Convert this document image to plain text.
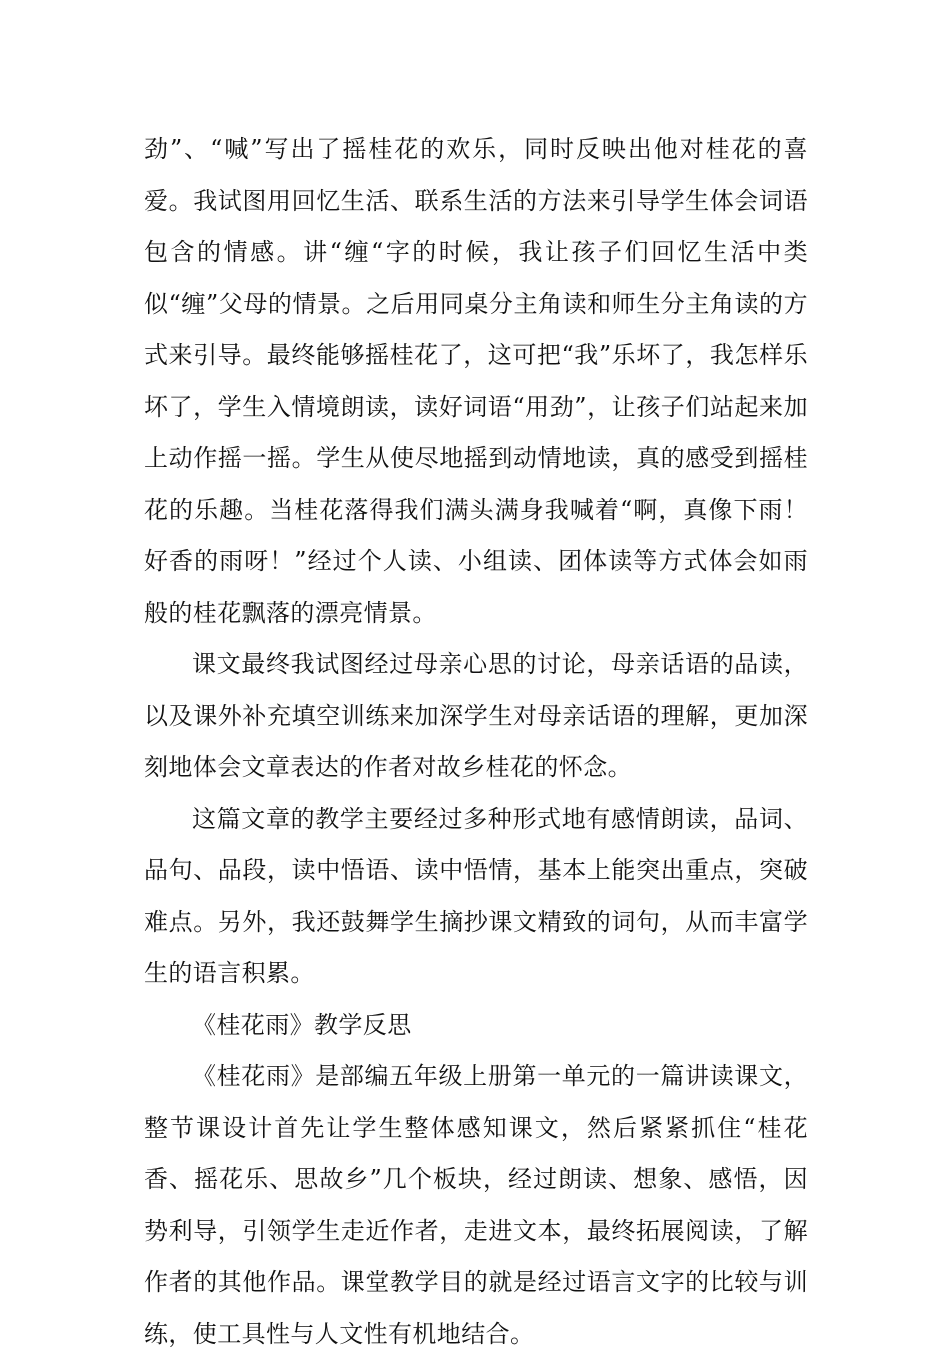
劲”、“喊”写出了摇桂花的欢乐，同时反映出他对桂花的喜爱。我试图用回忆生活、联系生活的方法来引导学生体会词语包含的情感。讲“缠“字的时候，我让孩子们回忆生活中类似“缠”父母的情景。之后用同桌分主角读和师生分主角读的方式来引导。最终能够摇桂花了，这可把“我”乐坏了，我怎样乐坏了，学生入情境朗读，读好词语“用劲”，让孩子们站起来加上动作摇一摇。学生从使尽地摇到动情地读，真的感受到摇桂花的乐趣。当桂花落得我们满头满身我喊着“啊，真像下雨！好香的雨呀！”经过个人读、小组读、团体读等方式体会如雨般的桂花飘落的漂亮情景。

课文最终我试图经过母亲心思的讨论，母亲话语的品读，以及课外补充填空训练来加深学生对母亲话语的理解，更加深刻地体会文章表达的作者对故乡桂花的怀念。

这篇文章的教学主要经过多种形式地有感情朗读，品词、品句、品段，读中悟语、读中悟情，基本上能突出重点，突破难点。另外，我还鼓舞学生摘抄课文精致的词句，从而丰富学生的语言积累。

《桂花雨》教学反思

《桂花雨》是部编五年级上册第一单元的一篇讲读课文，整节课设计首先让学生整体感知课文，然后紧紧抓住“桂花香、摇花乐、思故乡”几个板块，经过朗读、想象、感悟，因势利导，引领学生走近作者，走进文本，最终拓展阅读，了解作者的其他作品。课堂教学目的就是经过语言文字的比较与训练，使工具性与人文性有机地结合。
